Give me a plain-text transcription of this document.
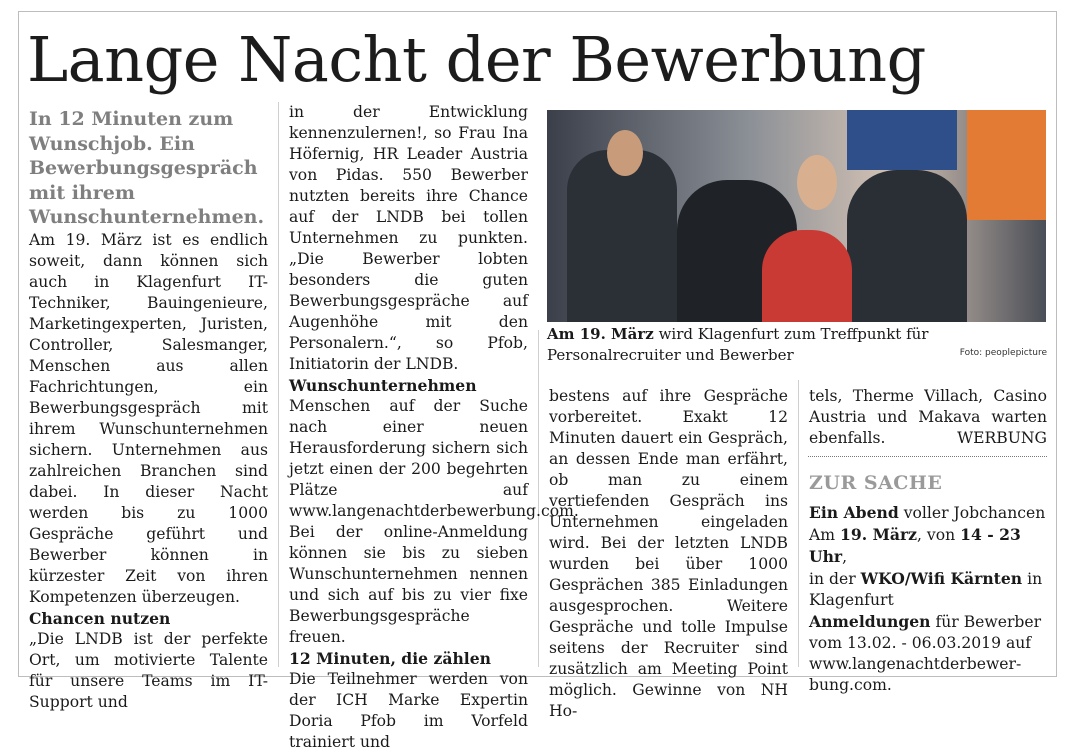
Lange Nacht der Bewerbung

In 12 Minuten zum Wunschjob. Ein Bewerbungsgespräch mit ihrem Wunschunternehmen.

Am 19. März ist es endlich soweit, dann können sich auch in Klagenfurt IT-Techniker, Bauingenieure, Marketingexperten, Juristen, Controller, Salesmanger, Menschen aus allen Fachrichtungen, ein Bewerbungsgespräch mit ihrem Wunschunternehmen sichern. Unternehmen aus zahlreichen Branchen sind dabei. In dieser Nacht werden bis zu 1000 Gespräche geführt und Bewerber können in kürzester Zeit von ihren Kompetenzen überzeugen.

Chancen nutzen

„Die LNDB ist der perfekte Ort, um motivierte Talente für unsere Teams im IT-Support und

in der Entwicklung kennenzulernen!, so Frau Ina Höfernig, HR Leader Austria von Pidas. 550 Bewerber nutzten bereits ihre Chance auf der LNDB bei tollen Unternehmen zu punkten. „Die Bewerber lobten besonders die guten Bewerbungsgespräche auf Augenhöhe mit den Personalern.“, so Pfob, Initiatorin der LNDB.

Wunschunternehmen

Menschen auf der Suche nach einer neuen Herausforderung sichern sich jetzt einen der 200 begehrten Plätze auf www.langenachtderbewerbung.com. Bei der online-Anmeldung können sie bis zu sieben Wunschunternehmen nennen und sich auf bis zu vier fixe Bewerbungsgespräche freuen.

12 Minuten, die zählen

Die Teilnehmer werden von der ICH Marke Expertin Doria Pfob im Vorfeld trainiert und

Am 19. März wird Klagenfurt zum Treffpunkt für Personalrecruiter und Bewerber	Foto: peoplepicture

bestens auf ihre Gespräche vorbereitet. Exakt 12 Minuten dauert ein Gespräch, an dessen Ende man erfährt, ob man zu einem vertiefenden Gespräch ins Unternehmen eingeladen wird. Bei der letzten LNDB wurden bei über 1000 Gesprächen 385 Einladungen ausgesprochen. Weitere Gespräche und tolle Impulse seitens der Recruiter sind zusätzlich am Meeting Point möglich. Gewinne von NH Ho-

tels, Therme Villach, Casino Austria und Makava warten ebenfalls.	WERBUNG

ZUR SACHE
Ein Abend voller Jobchancen
Am 19. März, von 14 - 23 Uhr,
in der WKO/Wifi Kärnten in
Klagenfurt
Anmeldungen für Bewerber
vom 13.02. - 06.03.2019 auf
www.langenachtderbewer-
bung.com.
